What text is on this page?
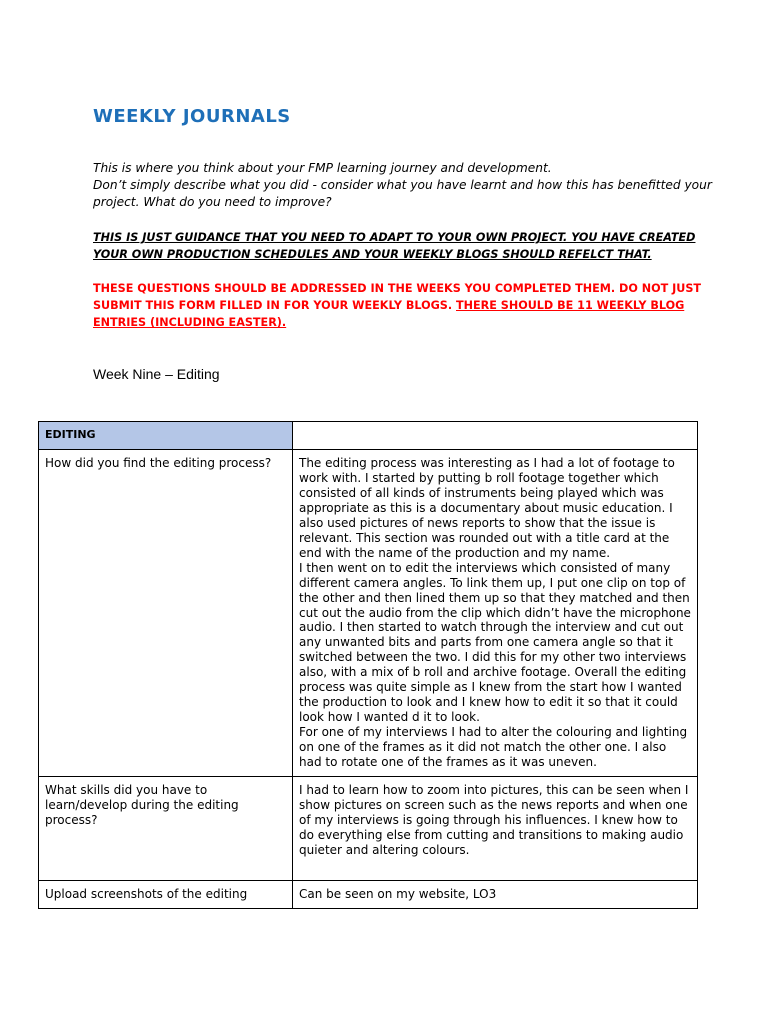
WEEKLY JOURNALS

This is where you think about your FMP learning journey and development.

Don’t simply describe what you did - consider what you have learnt and how this has benefitted your project. What do you need to improve?

THIS IS JUST GUIDANCE THAT YOU NEED TO ADAPT TO YOUR OWN PROJECT. YOU HAVE CREATED YOUR OWN PRODUCTION SCHEDULES AND YOUR WEEKLY BLOGS SHOULD REFELCT THAT.

THESE QUESTIONS SHOULD BE ADDRESSED IN THE WEEKS YOU COMPLETED THEM. DO NOT JUST SUBMIT THIS FORM FILLED IN FOR YOUR WEEKLY BLOGS. THERE SHOULD BE 11 WEEKLY BLOG ENTRIES (INCLUDING EASTER).

Week Nine – Editing

EDITING	
How did you find the editing process?	The editing process was interesting as I had a lot of footage to work with. I started by putting b roll footage together which consisted of all kinds of instruments being played which was appropriate as this is a documentary about music education. I also used pictures of news reports to show that the issue is relevant. This section was rounded out with a title card at the end with the name of the production and my name.

I then went on to edit the interviews which consisted of many different camera angles. To link them up, I put one clip on top of the other and then lined them up so that they matched and then cut out the audio from the clip which didn’t have the microphone audio. I then started to watch through the interview and cut out any unwanted bits and parts from one camera angle so that it switched between the two. I did this for my other two interviews also, with a mix of b roll and archive footage. Overall the editing process was quite simple as I knew from the start how I wanted the production to look and I knew how to edit it so that it could look how I wanted d it to look.

For one of my interviews I had to alter the colouring and lighting on one of the frames as it did not match the other one. I also had to rotate one of the frames as it was uneven.

What skills did you have to learn/develop during the editing process?	I had to learn how to zoom into pictures, this can be seen when I show pictures on screen such as the news reports and when one of my interviews is going through his influences. I knew how to do everything else from cutting and transitions to making audio quieter and altering colours.

Upload screenshots of the editing	Can be seen on my website, LO3
